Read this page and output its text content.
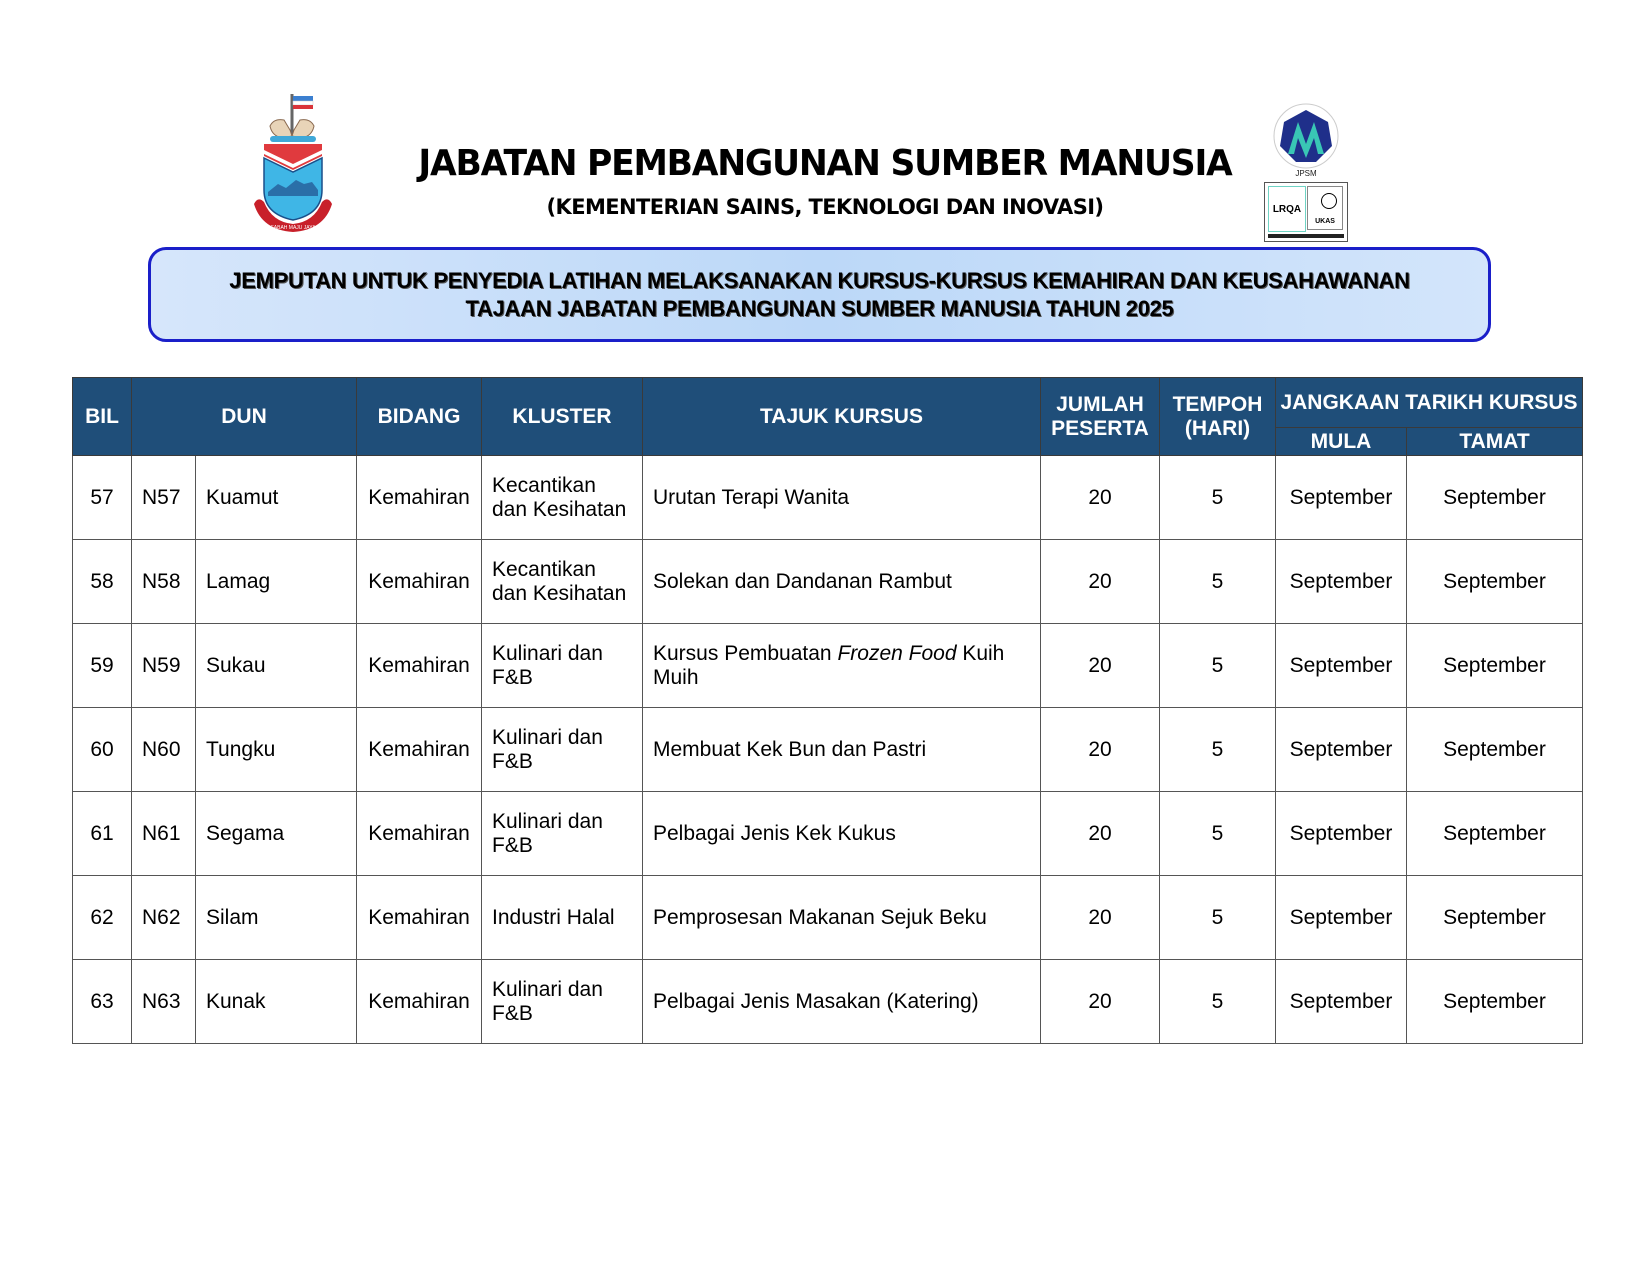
SABAH MAJU JAYA
JPSM
LRQA
UKAS
JABATAN PEMBANGUNAN SUMBER MANUSIA
(KEMENTERIAN SAINS, TEKNOLOGI DAN INOVASI)
JEMPUTAN UNTUK PENYEDIA LATIHAN MELAKSANAKAN KURSUS-KURSUS KEMAHIRAN DAN KEUSAHAWANAN
TAJAAN JABATAN PEMBANGUNAN SUMBER MANUSIA TAHUN 2025
BIL	DUN		BIDANG	KLUSTER	TAJUK KURSUS	JUMLAH PESERTA	TEMPOH (HARI)	JANGKAAN TARIKH KURSUS	
								MULA	TAMAT
57	N57	Kuamut	Kemahiran	Kecantikan dan Kesihatan	Urutan Terapi Wanita	20	5	September	September
58	N58	Lamag	Kemahiran	Kecantikan dan Kesihatan	Solekan dan Dandanan Rambut	20	5	September	September
59	N59	Sukau	Kemahiran	Kulinari dan F&B	Kursus Pembuatan Frozen Food Kuih Muih	20	5	September	September
60	N60	Tungku	Kemahiran	Kulinari dan F&B	Membuat Kek Bun dan Pastri	20	5	September	September
61	N61	Segama	Kemahiran	Kulinari dan F&B	Pelbagai Jenis Kek Kukus	20	5	September	September
62	N62	Silam	Kemahiran	Industri Halal	Pemprosesan Makanan Sejuk Beku	20	5	September	September
63	N63	Kunak	Kemahiran	Kulinari dan F&B	Pelbagai Jenis Masakan (Katering)	20	5	September	September
